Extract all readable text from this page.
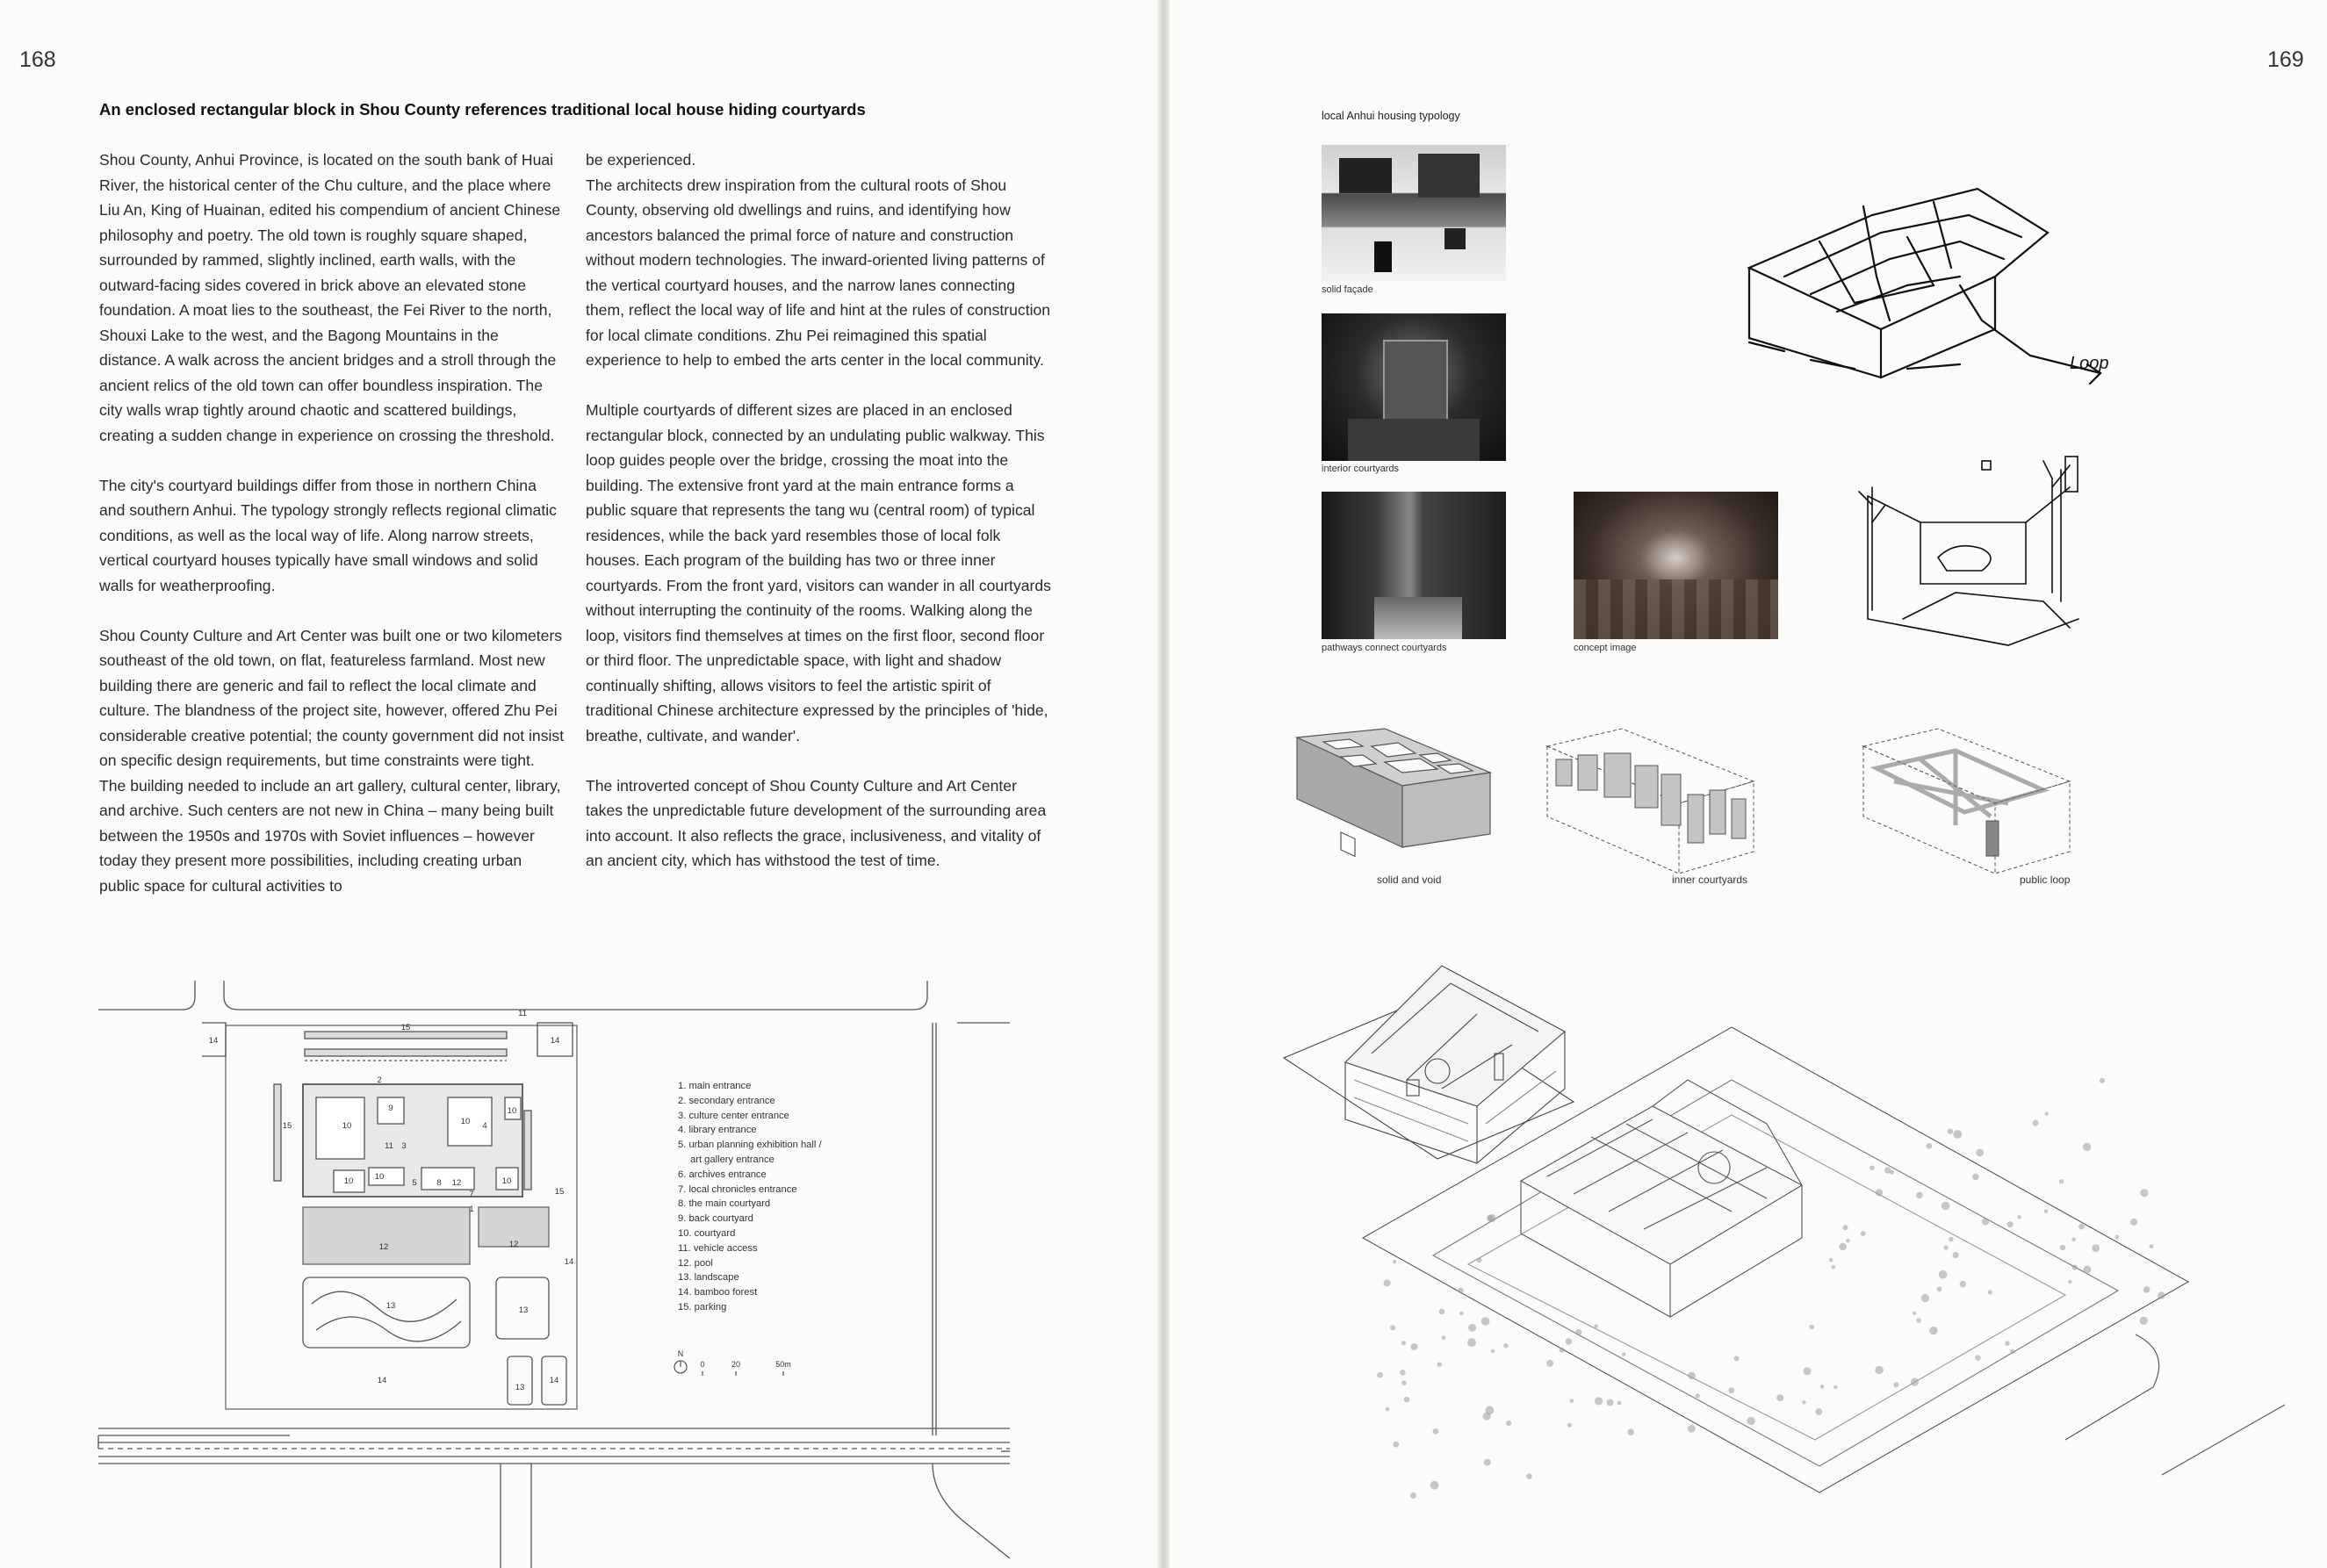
168
An enclosed rectangular block in Shou County references traditional local house hiding courtyards

Shou County, Anhui Province, is located on the south bank of Huai River, the historical center of the Chu culture, and the place where Liu An, King of Huainan, edited his compendium of ancient Chinese philosophy and poetry. The old town is roughly square shaped, surrounded by rammed, slightly inclined, earth walls, with the outward-facing sides covered in brick above an elevated stone foundation. A moat lies to the southeast, the Fei River to the north, Shouxi Lake to the west, and the Bagong Mountains in the distance. A walk across the ancient bridges and a stroll through the ancient relics of the old town can offer boundless inspiration. The city walls wrap tightly around chaotic and scattered buildings, creating a sudden change in experience on crossing the threshold.

The city's courtyard buildings differ from those in northern China and southern Anhui. The typology strongly reflects regional climatic conditions, as well as the local way of life. Along narrow streets, vertical courtyard houses typically have small windows and solid walls for weatherproofing.

Shou County Culture and Art Center was built one or two kilometers southeast of the old town, on flat, featureless farmland. Most new building there are generic and fail to reflect the local climate and culture. The blandness of the project site, however, offered Zhu Pei considerable creative potential; the county government did not insist on specific design requirements, but time constraints were tight.

The building needed to include an art gallery, cultural center, library, and archive. Such centers are not new in China – many being built between the 1950s and 1970s with Soviet influences – however today they present more possibilities, including creating urban public space for cultural activities to

be experienced.

The architects drew inspiration from the cultural roots of Shou County, observing old dwellings and ruins, and identifying how ancestors balanced the primal force of nature and construction without modern technologies. The inward-oriented living patterns of the vertical courtyard houses, and the narrow lanes connecting them, reflect the local way of life and hint at the rules of construction for local climate conditions. Zhu Pei reimagined this spatial experience to help to embed the arts center in the local community.

Multiple courtyards of different sizes are placed in an enclosed rectangular block, connected by an undulating public walkway. This loop guides people over the bridge, crossing the moat into the building. The extensive front yard at the main entrance forms a public square that represents the tang wu (central room) of typical residences, while the back yard resembles those of local folk houses. Each program of the building has two or three inner courtyards. From the front yard, visitors can wander in all courtyards without interrupting the continuity of the rooms. Walking along the loop, visitors find themselves at times on the first floor, second floor or third floor. The unpredictable space, with light and shadow continually shifting, allows visitors to feel the artistic spirit of traditional Chinese architecture expressed by the principles of 'hide, breathe, cultivate, and wander'.

The introverted concept of Shou County Culture and Art Center takes the unpredictable future development of the surrounding area into account. It also reflects the grace, inclusiveness, and vitality of an ancient city, which has withstood the test of time.

15
11
14	14
15
2
9
10	10
10
4
3
11
10	10
5 8 12	10
1
7
12	12
15
14
13	13
14
13
14
N
0	20	50m
1. main entrance
2. secondary entrance
3. culture center entrance
4. library entrance
5. urban planning exhibition hall /
art gallery entrance
6. archives entrance
7. local chronicles entrance
8. the main courtyard
9. back courtyard
10. courtyard
11. vehicle access
12. pool
13. landscape
14. bamboo forest
15. parking
169
local Anhui housing typology
solid façade
interior courtyards
pathways connect courtyards	concept image
Loop
solid and void	inner courtyards	public loop
